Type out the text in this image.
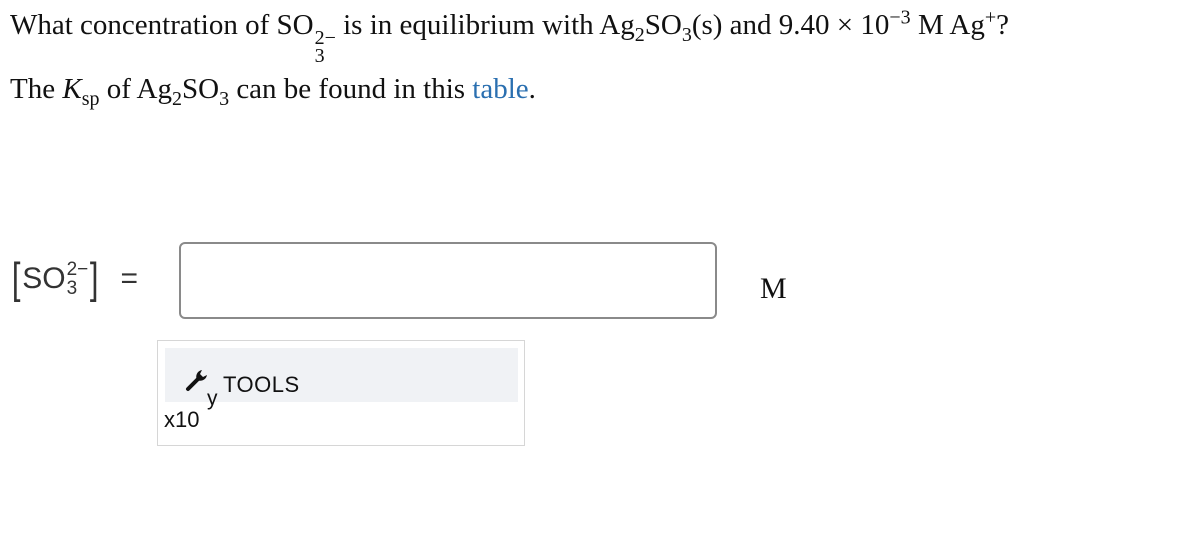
What concentration of SO 2−
3
is in equilibrium with $Ag_2SO_3(s)$ and $9.40 \times 10^{-3}$ M Ag+?
The $K_{sp}$ of $Ag_2SO_3$ can be found in this table.
[ SO 2−
3 ] =	M
y
TOOLS
x10
